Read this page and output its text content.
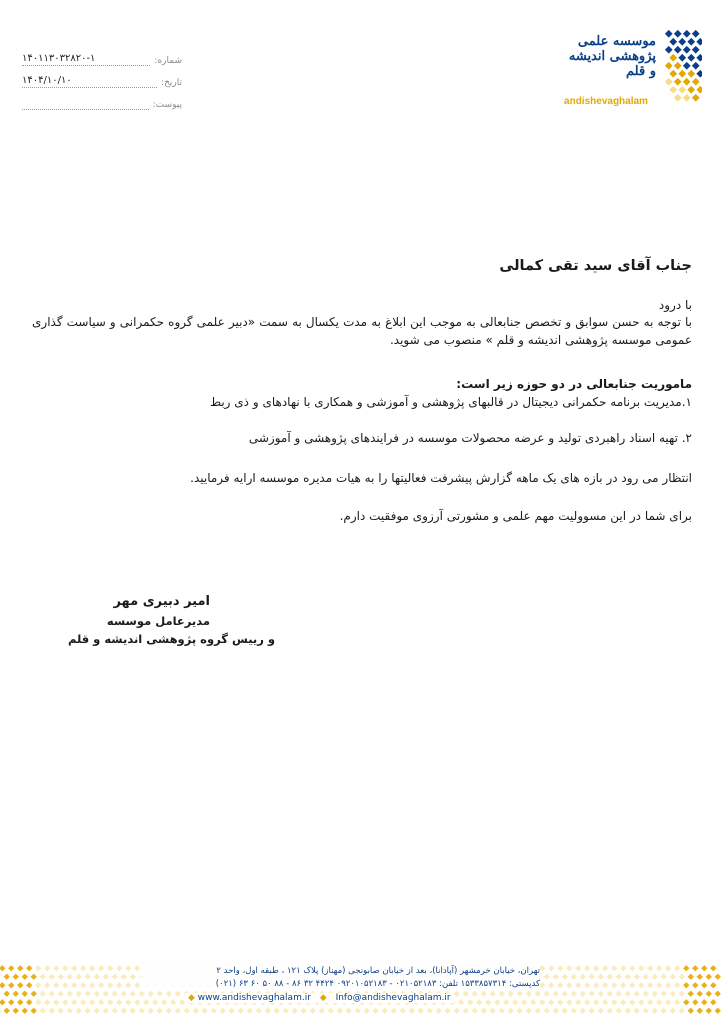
شماره:
۱۴۰۱۱۳۰۳۲۸۲۰-۱
تاریخ:
۱۴۰۴/۱۰/۱۰
پیوست:
موسسه علمی پژوهشی اندیشه و قلم
andishevaghalam
جناب آقای سید تقی کمالی
با درود
با توجه به حسن سوابق و تخصص جنابعالی به موجب این ابلاغ به مدت یکسال به سمت «دبیر علمی گروه حکمرانی و سیاست گذاری عمومی موسسه پژوهشی اندیشه و قلم » منصوب می شوید.
ماموریت جنابعالی در دو حوزه زیر است:
۱.مدیریت برنامه حکمرانی دیجیتال در قالبهای پژوهشی و آموزشی و همکاری با نهادهای و ذی ربط
۲. تهیه اسناد راهبردی تولید و عرضه محصولات موسسه در فرایندهای پژوهشی و آموزشی
انتظار می رود در بازه های یک ماهه گزارش پیشرفت فعالیتها را به هیات مدیره موسسه ارایه فرمایید.
برای شما در این مسوولیت مهم علمی و مشورتی آرزوی موفقیت دارم.
امیر دبیری مهر
مدیرعامل موسسه
و رییس گروه پژوهشی اندیشه و قلم
تهران، خیابان خرمشهر (آپادانا)، بعد از خیابان صابونجی (مهناز) پلاک ۱۲۱ ، طبقه اول، واحد ۲
کدپستی: ۱۵۳۳۸۵۷۳۱۴ تلفن: ۰۲۱۰۵۲۱۸۳ - ۰۹۲۰۱۰۵۲۱۸۳ ۴۴۲۴ ۳۲ ۸۶ - ۸۸ ۵۰ ۶۰ ۶۳ (۰۲۱)
◆ www.andishevaghalam.ir ◆ Info@andishevaghalam.ir
